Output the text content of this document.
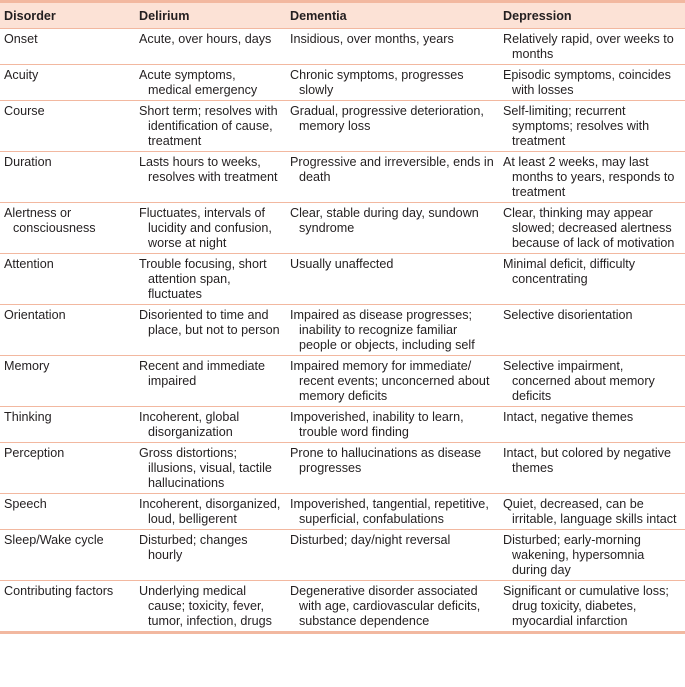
Disorder	Delirium	Dementia	Depression
Onset	Acute, over hours, days	Insidious, over months, years	Relatively rapid, over weeks to months
Acuity	Acute symptoms, medical emergency	Chronic symptoms, progresses slowly	Episodic symptoms, coincides with losses
Course	Short term; resolves with identification of cause, treatment	Gradual, progressive deterioration, memory loss	Self-limiting; recurrent symptoms; resolves with treatment
Duration	Lasts hours to weeks, resolves with treatment	Progressive and irreversible, ends in death	At least 2 weeks, may last months to years, responds to treatment
Alertness or consciousness	Fluctuates, intervals of lucidity and confusion, worse at night	Clear, stable during day, sundown syndrome	Clear, thinking may appear slowed; decreased alertness because of lack of motivation
Attention	Trouble focusing, short attention span, fluctuates	Usually unaffected	Minimal deficit, difficulty concentrating
Orientation	Disoriented to time and place, but not to person	Impaired as disease progresses; inability to recognize familiar people or objects, including self	Selective disorientation
Memory	Recent and immediate impaired	Impaired memory for immediate/ recent events; unconcerned about memory deficits	Selective impairment, concerned about memory deficits
Thinking	Incoherent, global disorganization	Impoverished, inability to learn, trouble word finding	Intact, negative themes
Perception	Gross distortions; illusions, visual, tactile hallucinations	Prone to hallucinations as disease progresses	Intact, but colored by negative themes
Speech	Incoherent, disorganized, loud, belligerent	Impoverished, tangential, repetitive, superficial, confabulations	Quiet, decreased, can be irritable, language skills intact
Sleep/Wake cycle	Disturbed; changes hourly	Disturbed; day/night reversal	Disturbed; early-morning wakening, hypersomnia during day
Contributing factors	Underlying medical cause; toxicity, fever, tumor, infection, drugs	Degenerative disorder associated with age, cardiovascular deficits, substance dependence	Significant or cumulative loss; drug toxicity, diabetes, myocardial infarction
